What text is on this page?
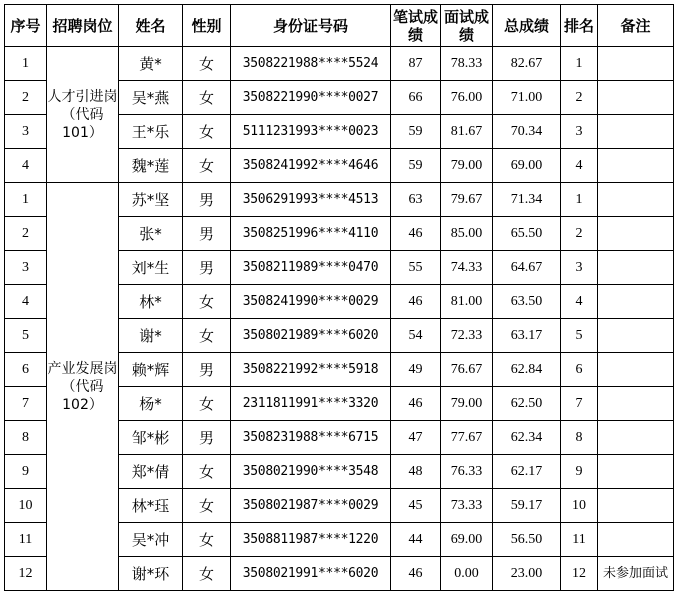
序号	招聘岗位	姓名	性别	身份证号码	笔试成绩	面试成绩	总成绩	排名	备注
1	人才引进岗（代码101）	黄*	女	3508221988****5524	87	78.33	82.67	1	
2		吴*燕	女	3508221990****0027	66	76.00	71.00	2	
3		王*乐	女	5111231993****0023	59	81.67	70.34	3	
4		魏*莲	女	3508241992****4646	59	79.00	69.00	4	
1	产业发展岗（代码102）	苏*坚	男	3506291993****4513	63	79.67	71.34	1	
2		张*	男	3508251996****4110	46	85.00	65.50	2	
3		刘*生	男	3508211989****0470	55	74.33	64.67	3	
4		林*	女	3508241990****0029	46	81.00	63.50	4	
5		谢*	女	3508021989****6020	54	72.33	63.17	5	
6		赖*辉	男	3508221992****5918	49	76.67	62.84	6	
7		杨*	女	2311811991****3320	46	79.00	62.50	7	
8		邹*彬	男	3508231988****6715	47	77.67	62.34	8	
9		郑*倩	女	3508021990****3548	48	76.33	62.17	9	
10		林*珏	女	3508021987****0029	45	73.33	59.17	10	
11		吴*冲	女	3508811987****1220	44	69.00	56.50	11	
12		谢*环	女	3508021991****6020	46	0.00	23.00	12	未参加面试
